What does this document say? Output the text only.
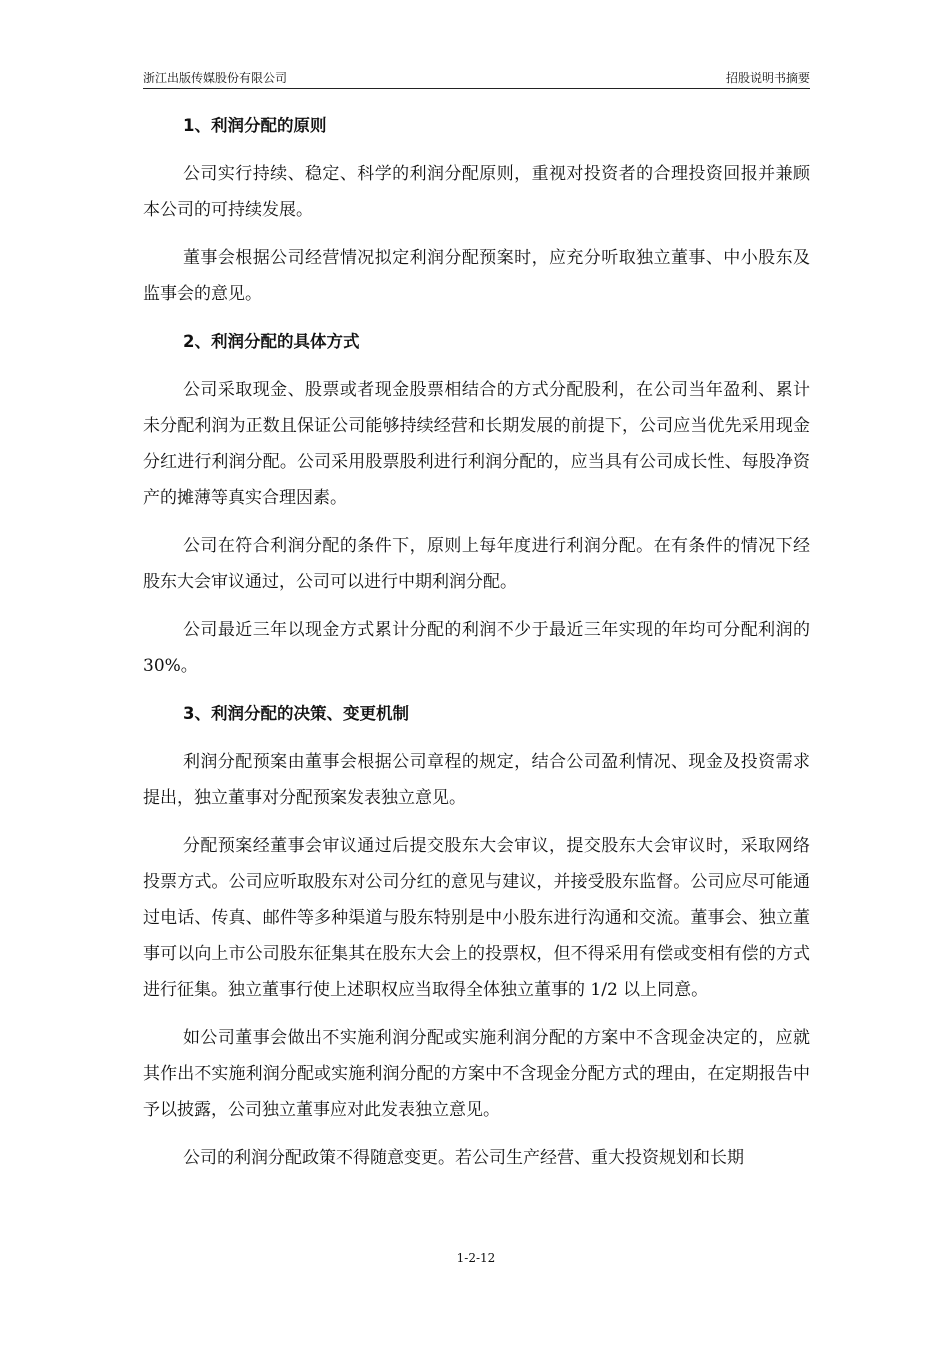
浙江出版传媒股份有限公司	招股说明书摘要
1、利润分配的原则

公司实行持续、稳定、科学的利润分配原则，重视对投资者的合理投资回报并兼顾本公司的可持续发展。

董事会根据公司经营情况拟定利润分配预案时，应充分听取独立董事、中小股东及监事会的意见。

2、利润分配的具体方式

公司采取现金、股票或者现金股票相结合的方式分配股利，在公司当年盈利、累计未分配利润为正数且保证公司能够持续经营和长期发展的前提下，公司应当优先采用现金分红进行利润分配。公司采用股票股利进行利润分配的，应当具有公司成长性、每股净资产的摊薄等真实合理因素。

公司在符合利润分配的条件下，原则上每年度进行利润分配。在有条件的情况下经股东大会审议通过，公司可以进行中期利润分配。

公司最近三年以现金方式累计分配的利润不少于最近三年实现的年均可分配利润的 30%。

3、利润分配的决策、变更机制

利润分配预案由董事会根据公司章程的规定，结合公司盈利情况、现金及投资需求提出，独立董事对分配预案发表独立意见。

分配预案经董事会审议通过后提交股东大会审议，提交股东大会审议时，采取网络投票方式。公司应听取股东对公司分红的意见与建议，并接受股东监督。公司应尽可能通过电话、传真、邮件等多种渠道与股东特别是中小股东进行沟通和交流。董事会、独立董事可以向上市公司股东征集其在股东大会上的投票权，但不得采用有偿或变相有偿的方式进行征集。独立董事行使上述职权应当取得全体独立董事的 1/2 以上同意。

如公司董事会做出不实施利润分配或实施利润分配的方案中不含现金决定的，应就其作出不实施利润分配或实施利润分配的方案中不含现金分配方式的理由，在定期报告中予以披露，公司独立董事应对此发表独立意见。

公司的利润分配政策不得随意变更。若公司生产经营、重大投资规划和长期

1-2-12
